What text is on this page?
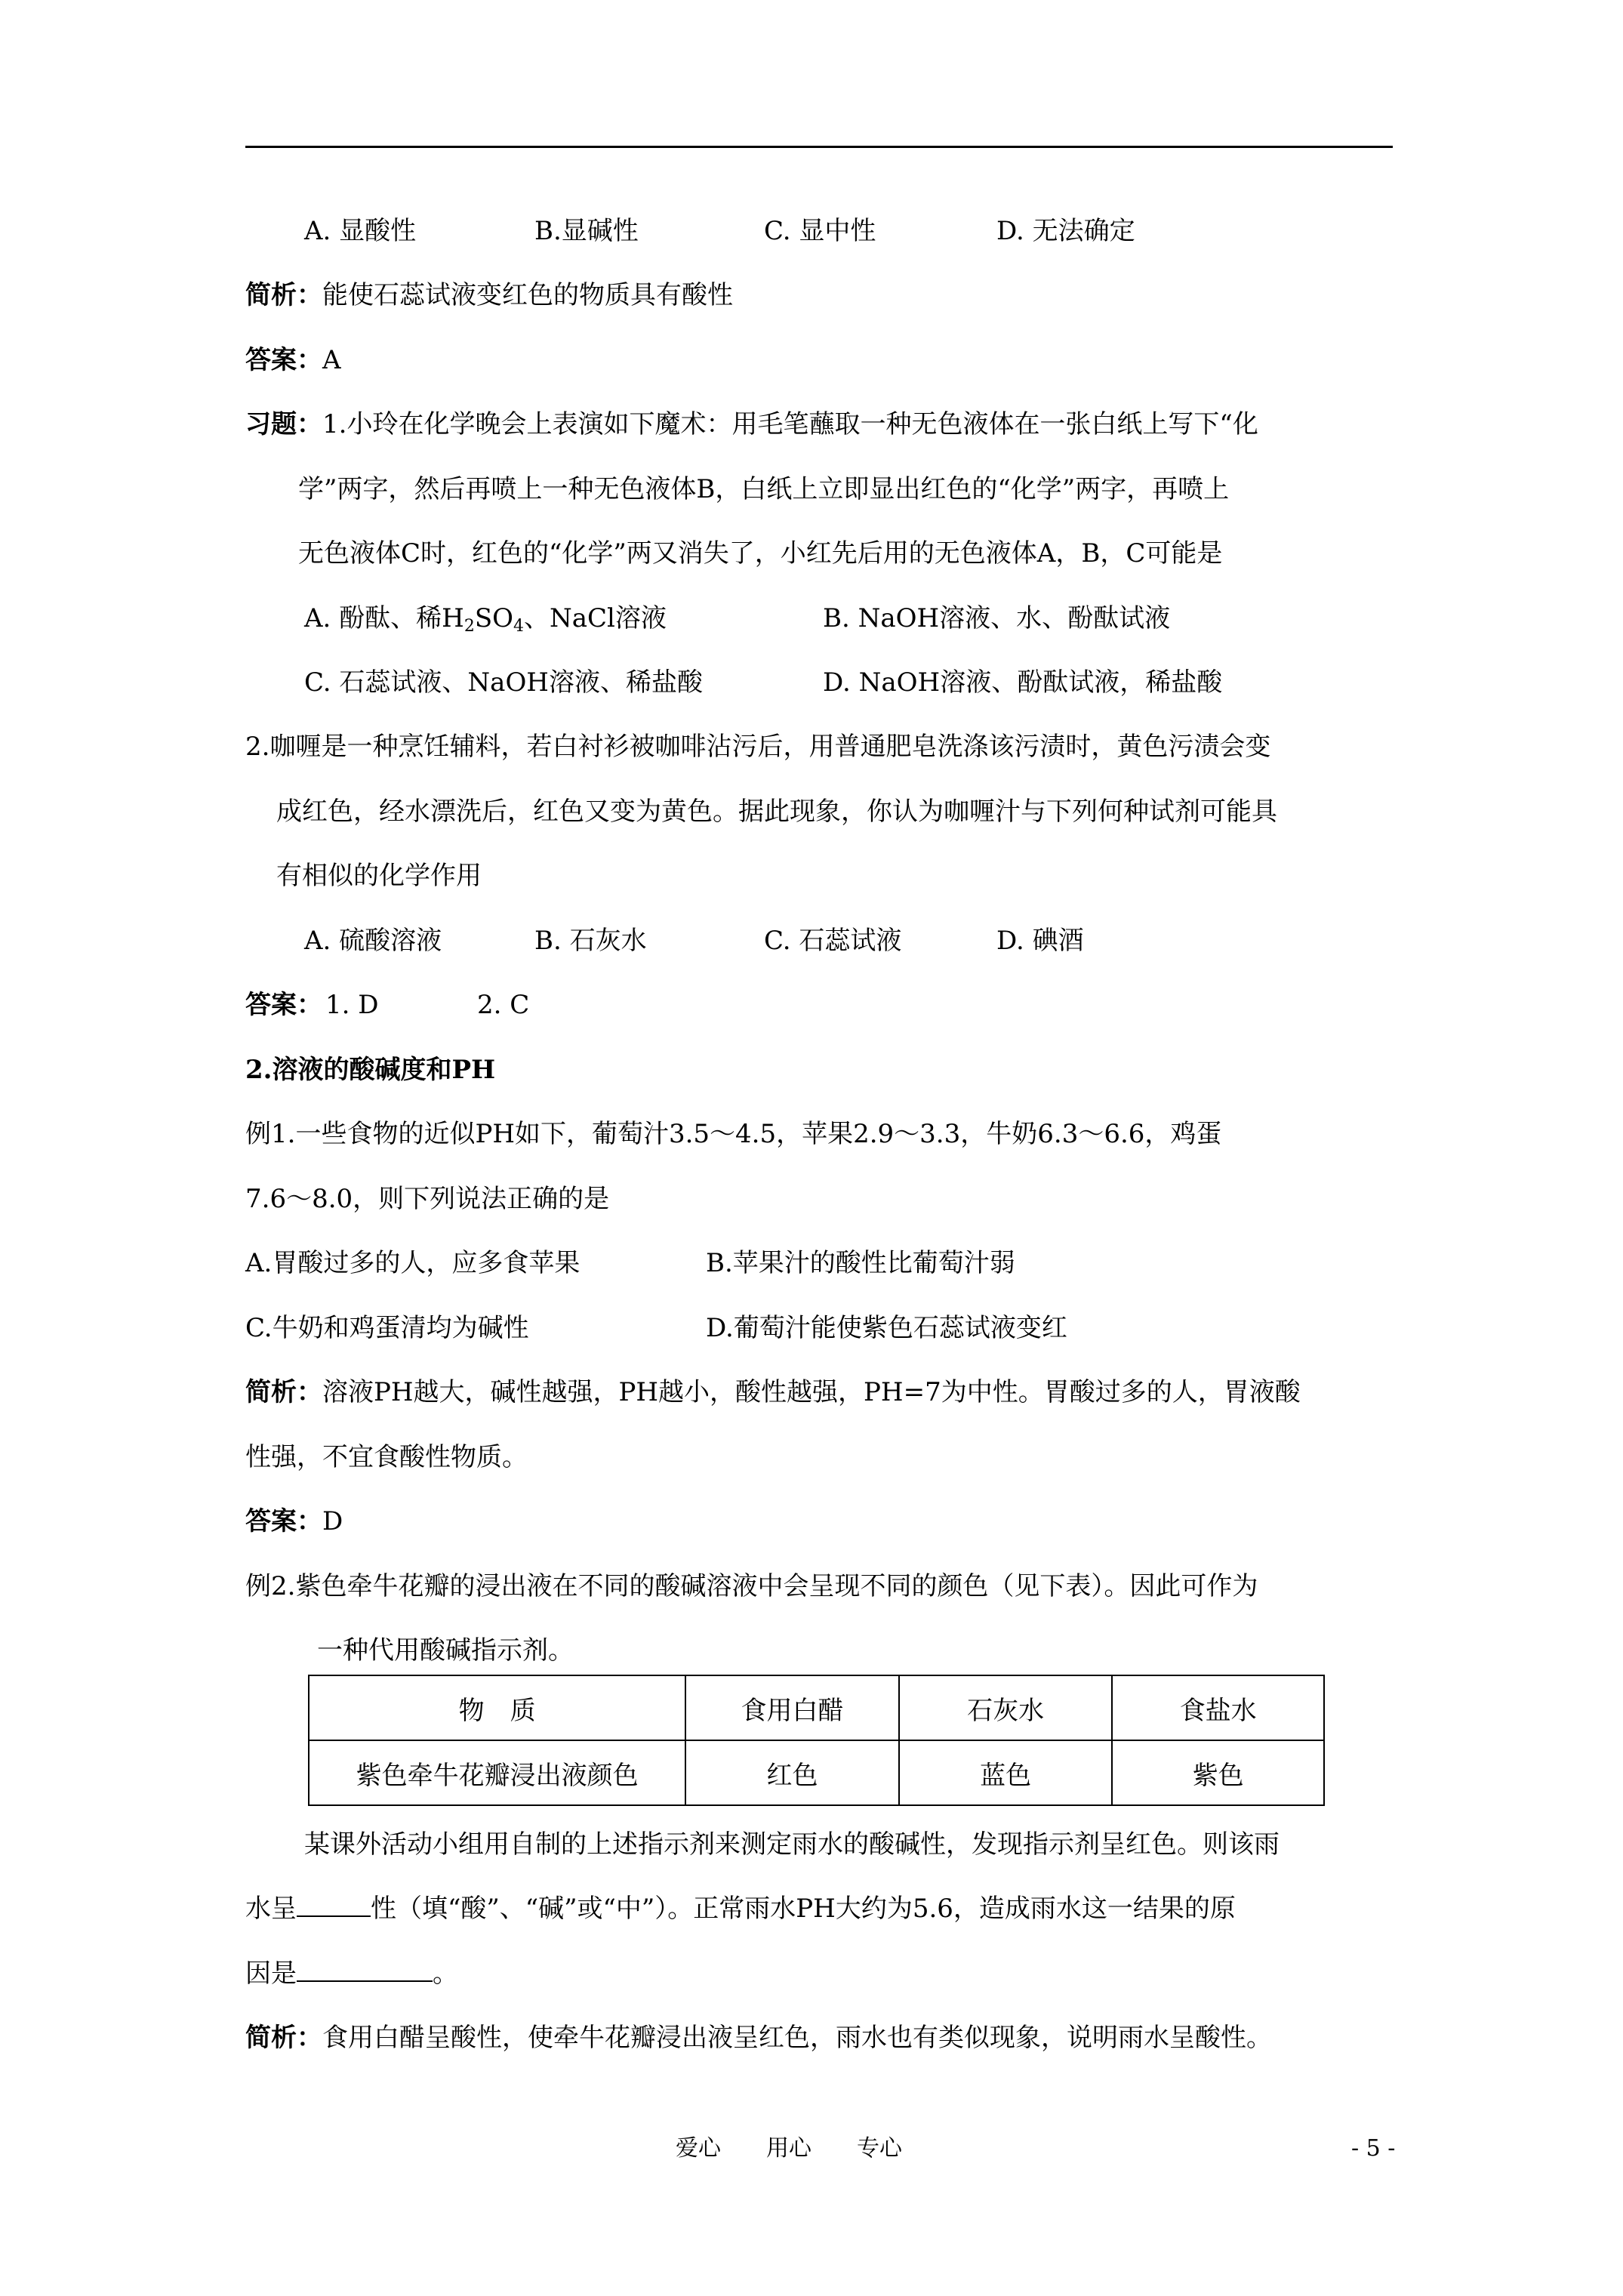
A. 显酸性	B.显碱性	C. 显中性	D. 无法确定
简析：能使石蕊试液变红色的物质具有酸性
答案：A
习题：1.小玲在化学晚会上表演如下魔术：用毛笔蘸取一种无色液体在一张白纸上写下“化
学”两字，然后再喷上一种无色液体B，白纸上立即显出红色的“化学”两字，再喷上
无色液体C时，红色的“化学”两又消失了，小红先后用的无色液体A，B，C可能是
A. 酚酞、稀$H_2SO_4$、NaCl溶液	B. NaOH溶液、水、酚酞试液
C. 石蕊试液、NaOH溶液、稀盐酸	D. NaOH溶液、酚酞试液，稀盐酸
2.咖喱是一种烹饪辅料，若白衬衫被咖啡沾污后，用普通肥皂洗涤该污渍时，黄色污渍会变
成红色，经水漂洗后，红色又变为黄色。据此现象，你认为咖喱汁与下列何种试剂可能具
有相似的化学作用
A. 硫酸溶液	B. 石灰水	C. 石蕊试液	D. 碘酒
答案： 1. D	2. C
2.溶液的酸碱度和PH
例1.一些食物的近似PH如下，葡萄汁3.5～4.5，苹果2.9～3.3，牛奶6.3～6.6，鸡蛋
7.6～8.0，则下列说法正确的是
A.胃酸过多的人，应多食苹果	B.苹果汁的酸性比葡萄汁弱
C.牛奶和鸡蛋清均为碱性	D.葡萄汁能使紫色石蕊试液变红
简析：溶液PH越大，碱性越强，PH越小，酸性越强，PH=7为中性。胃酸过多的人，胃液酸
性强，不宜食酸性物质。
答案：D
例2.紫色牵牛花瓣的浸出液在不同的酸碱溶液中会呈现不同的颜色（见下表）。因此可作为
一种代用酸碱指示剂。
物　质	食用白醋	石灰水	食盐水
紫色牵牛花瓣浸出液颜色	红色	蓝色	紫色
某课外活动小组用自制的上述指示剂来测定雨水的酸碱性，发现指示剂呈红色。则该雨
水呈	性（填“酸”、“碱”或“中”）。正常雨水PH大约为5.6，造成雨水这一结果的原
因是	。
简析：食用白醋呈酸性，使牵牛花瓣浸出液呈红色，雨水也有类似现象，说明雨水呈酸性。
爱心　　用心　　专心	- 5 -
